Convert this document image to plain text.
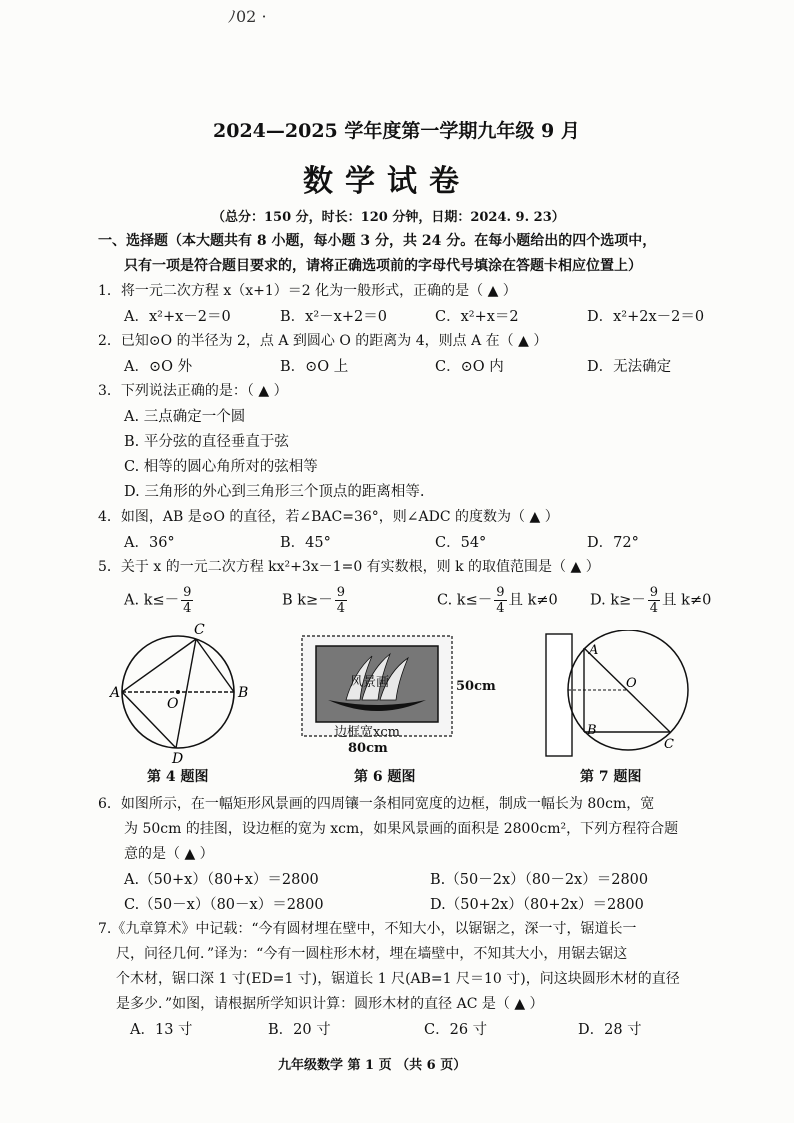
ﾉ02 ·
2024—2025 学年度第一学期九年级 9 月
数学试卷
（总分：150 分，时长：120 分钟，日期：2024. 9. 23）
一、选择题（本大题共有 8 小题，每小题 3 分，共 24 分。在每小题给出的四个选项中，
只有一项是符合题目要求的，请将正确选项前的字母代号填涂在答题卡相应位置上）
1．将一元二次方程 x（x+1）＝2 化为一般形式，正确的是（ ▲ ）
A．x²+x－2＝0	B．x²－x+2＝0	C．x²+x＝2	D．x²+2x－2＝0
2．已知⊙O 的半径为 2，点 A 到圆心 O 的距离为 4，则点 A 在（ ▲ ）
A．⊙O 外	B．⊙O 上	C．⊙O 内	D．无法确定
3．下列说法正确的是：（ ▲ ）
A. 三点确定一个圆
B. 平分弦的直径垂直于弦
C. 相等的圆心角所对的弦相等
D. 三角形的外心到三角形三个顶点的距离相等.
4．如图，AB 是⊙O 的直径，若∠BAC=36°，则∠ADC 的度数为（ ▲ ）
A．36°	B．45°	C．54°	D．72°
5．关于 x 的一元二次方程 kx²+3x－1=0 有实数根，则 k 的取值范围是（ ▲ ）
A. $k\le- \frac{9}{4}$	B $k\ge- \frac{9}{4}$	C. $k\le- \frac{9}{4}$ 且 k≠0 D. $k\ge- \frac{9}{4}$ 且 k≠0
A	B
C
D
O
第 4 题图
风景画
边框宽xcm
80cm
50cm
第 6 题图
A
B
C
O
第 7 题图
6．如图所示，在一幅矩形风景画的四周镶一条相同宽度的边框，制成一幅长为 80cm，宽
为 50cm 的挂图，设边框的宽为 xcm，如果风景画的面积是 2800cm²，下列方程符合题
意的是（ ▲ ）
A.（50+x）（80+x）＝2800	B.（50－2x）（80－2x）＝2800
C.（50－x）（80－x）＝2800	D.（50+2x）（80+2x）＝2800
7.《九章算术》中记载：“今有圆材埋在壁中，不知大小，以锯锯之，深一寸，锯道长一
尺，问径几何．”译为：“今有一圆柱形木材，埋在墙壁中，不知其大小，用锯去锯这
个木材，锯口深 1 寸(ED=1 寸)，锯道长 1 尺(AB=1 尺＝10 寸)，问这块圆形木材的直径
是多少．”如图，请根据所学知识计算：圆形木材的直径 AC 是（ ▲ ）
A．13 寸	B．20 寸	C．26 寸	D．28 寸
九年级数学 第 1 页 （共 6 页）
